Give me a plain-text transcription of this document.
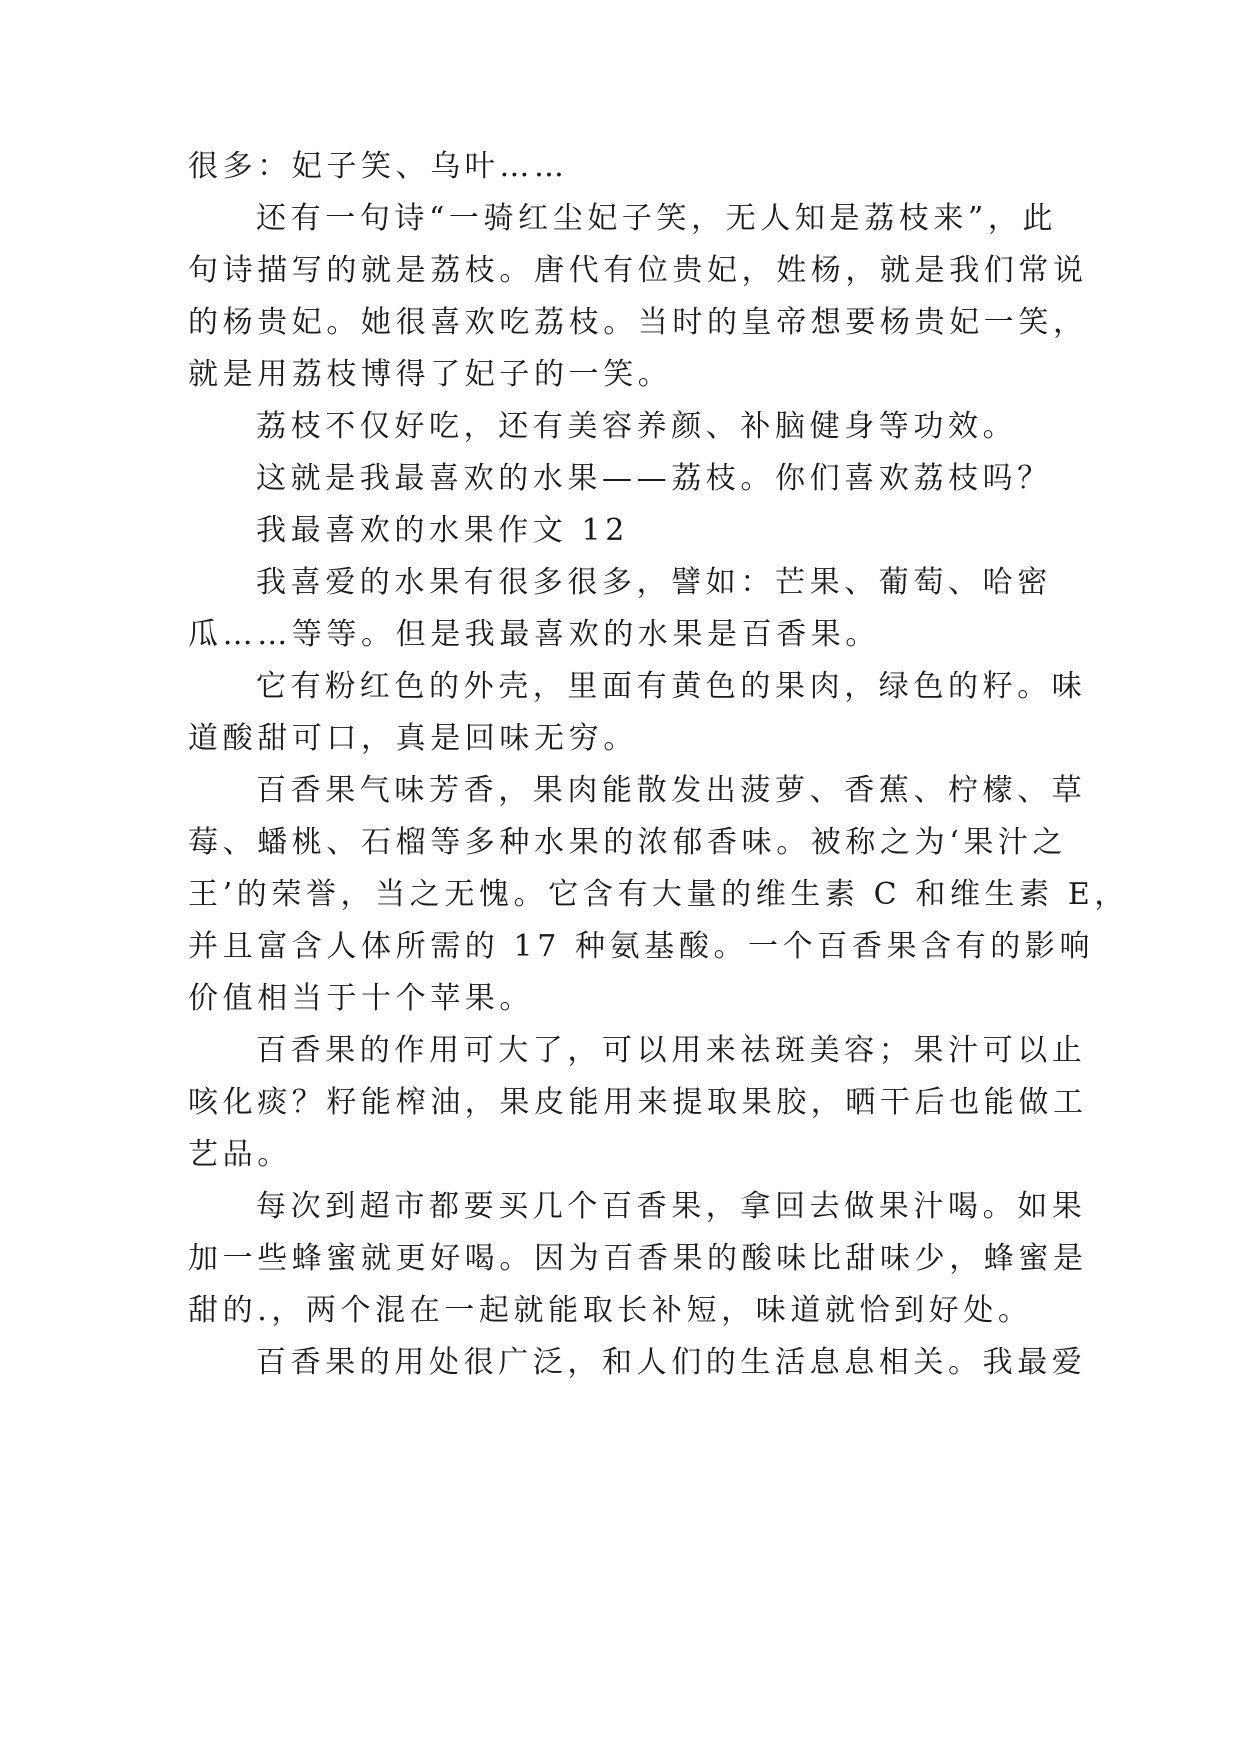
很多：妃子笑、乌叶……
还有一句诗“一骑红尘妃子笑，无人知是荔枝来”，此
句诗描写的就是荔枝。唐代有位贵妃，姓杨，就是我们常说
的杨贵妃。她很喜欢吃荔枝。当时的皇帝想要杨贵妃一笑，
就是用荔枝博得了妃子的一笑。
荔枝不仅好吃，还有美容养颜、补脑健身等功效。
这就是我最喜欢的水果——荔枝。你们喜欢荔枝吗？
我最喜欢的水果作文 12
我喜爱的水果有很多很多，譬如：芒果、葡萄、哈密
瓜……等等。但是我最喜欢的水果是百香果。
它有粉红色的外壳，里面有黄色的果肉，绿色的籽。味
道酸甜可口，真是回味无穷。
百香果气味芳香，果肉能散发出菠萝、香蕉、柠檬、草
莓、蟠桃、石榴等多种水果的浓郁香味。被称之为‘果汁之
王’的荣誉，当之无愧。它含有大量的维生素 C 和维生素 E，
并且富含人体所需的 17 种氨基酸。一个百香果含有的影响
价值相当于十个苹果。
百香果的作用可大了，可以用来祛斑美容；果汁可以止
咳化痰？籽能榨油，果皮能用来提取果胶，晒干后也能做工
艺品。
每次到超市都要买几个百香果，拿回去做果汁喝。如果
加一些蜂蜜就更好喝。因为百香果的酸味比甜味少，蜂蜜是
甜的.，两个混在一起就能取长补短，味道就恰到好处。
百香果的用处很广泛，和人们的生活息息相关。我最爱
